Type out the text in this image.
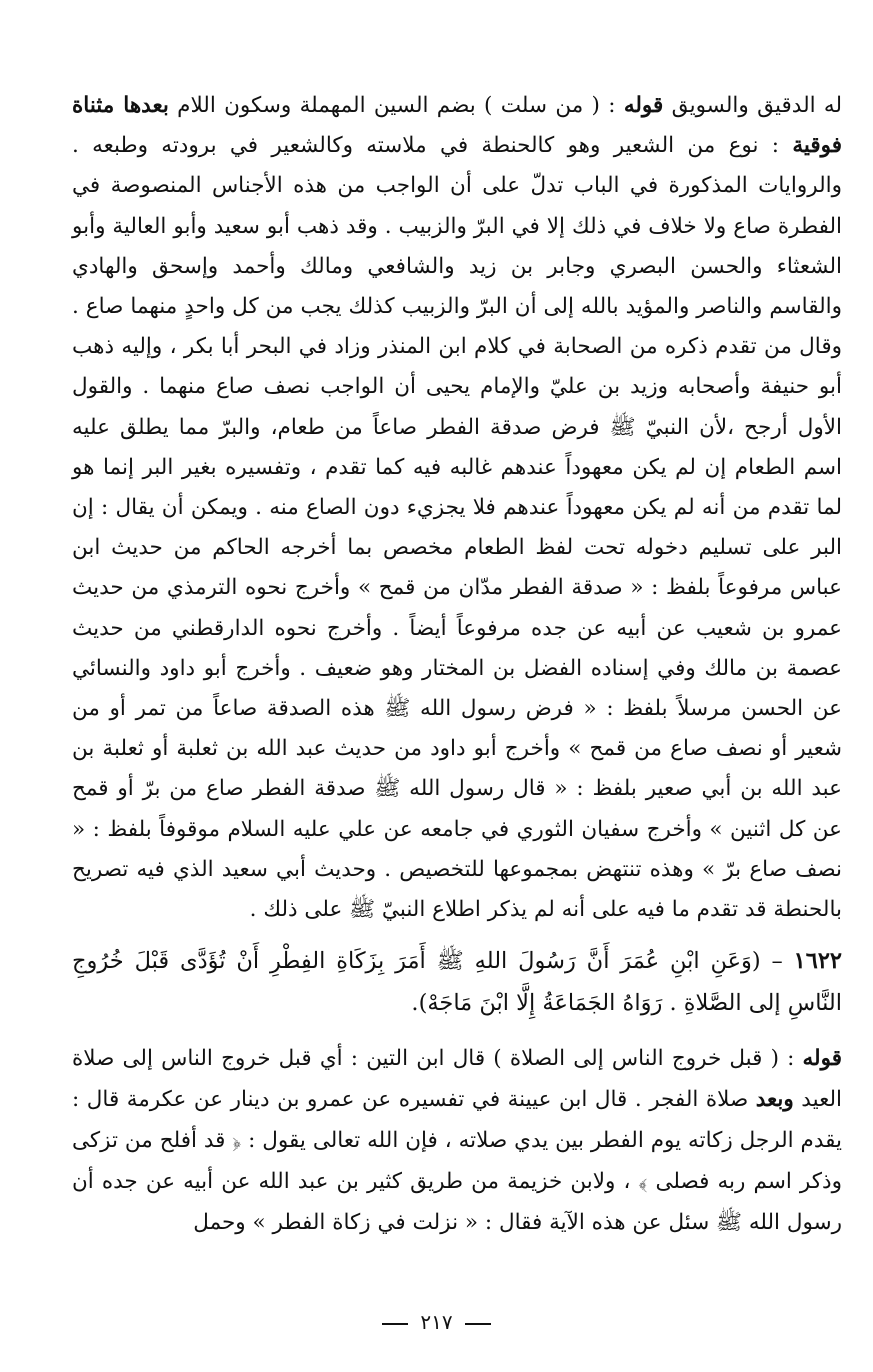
له الدقيق والسويق قوله : ( من سلت ) بضم السين المهملة وسكون اللام بعدها مثناة فوقية : نوع من الشعير وهو كالحنطة في ملاسته وكالشعير في برودته وطبعه . والروايات المذكورة في الباب تدلّ على أن الواجب من هذه الأجناس المنصوصة في الفطرة صاع ولا خلاف في ذلك إلا في البرّ والزبيب . وقد ذهب أبو سعيد وأبو العالية وأبو الشعثاء والحسن البصري وجابر بن زيد والشافعي ومالك وأحمد وإسحق والهادي والقاسم والناصر والمؤيد بالله إلى أن البرّ والزبيب كذلك يجب من كل واحدٍ منهما صاع . وقال من تقدم ذكره من الصحابة في كلام ابن المنذر وزاد في البحر أبا بكر ، وإليه ذهب أبو حنيفة وأصحابه وزيد بن عليّ والإمام يحيى أن الواجب نصف صاع منهما . والقول الأول أرجح ،لأن النبيّ ﷺ فرض صدقة الفطر صاعاً من طعام، والبرّ مما يطلق عليه اسم الطعام إن لم يكن معهوداً عندهم غالبه فيه كما تقدم ، وتفسيره بغير البر إنما هو لما تقدم من أنه لم يكن معهوداً عندهم فلا يجزيء دون الصاع منه . ويمكن أن يقال : إن البر على تسليم دخوله تحت لفظ الطعام مخصص بما أخرجه الحاكم من حديث ابن عباس مرفوعاً بلفظ : « صدقة الفطر مدّان من قمح » وأخرج نحوه الترمذي من حديث عمرو بن شعيب عن أبيه عن جده مرفوعاً أيضاً . وأخرج نحوه الدارقطني من حديث عصمة بن مالك وفي إسناده الفضل بن المختار وهو ضعيف . وأخرج أبو داود والنسائي عن الحسن مرسلاً بلفظ : « فرض رسول الله ﷺ هذه الصدقة صاعاً من تمر أو من شعير أو نصف صاع من قمح » وأخرج أبو داود من حديث عبد الله بن ثعلبة أو ثعلبة بن عبد الله بن أبي صعير بلفظ : « قال رسول الله ﷺ صدقة الفطر صاع من برّ أو قمح عن كل اثنين » وأخرج سفيان الثوري في جامعه عن علي عليه السلام موقوفاً بلفظ : « نصف صاع برّ » وهذه تنتهض بمجموعها للتخصيص . وحديث أبي سعيد الذي فيه تصريح بالحنطة قد تقدم ما فيه على أنه لم يذكر اطلاع النبيّ ﷺ على ذلك .

١٦٢٢ – (وَعَنِ ابْنِ عُمَرَ أَنَّ رَسُولَ اللهِ ﷺ أَمَرَ بِزَكَاةِ الفِطْرِ أَنْ تُؤَدَّى قَبْلَ خُرُوجِ النَّاسِ إلى الصَّلاةِ . رَوَاهُ الجَمَاعَةُ إِلَّا ابْنَ مَاجَهْ).

قوله : ( قبل خروج الناس إلى الصلاة ) قال ابن التين : أي قبل خروج الناس إلى صلاة العيد وبعد صلاة الفجر . قال ابن عيينة في تفسيره عن عمرو بن دينار عن عكرمة قال : يقدم الرجل زكاته يوم الفطر بين يدي صلاته ، فإن الله تعالى يقول : ﴿ قد أفلح من تزكى وذكر اسم ربه فصلى ﴾ ، ولابن خزيمة من طريق كثير بن عبد الله عن أبيه عن جده أن رسول الله ﷺ سئل عن هذه الآية فقال : « نزلت في زكاة الفطر » وحمل

٢١٧
